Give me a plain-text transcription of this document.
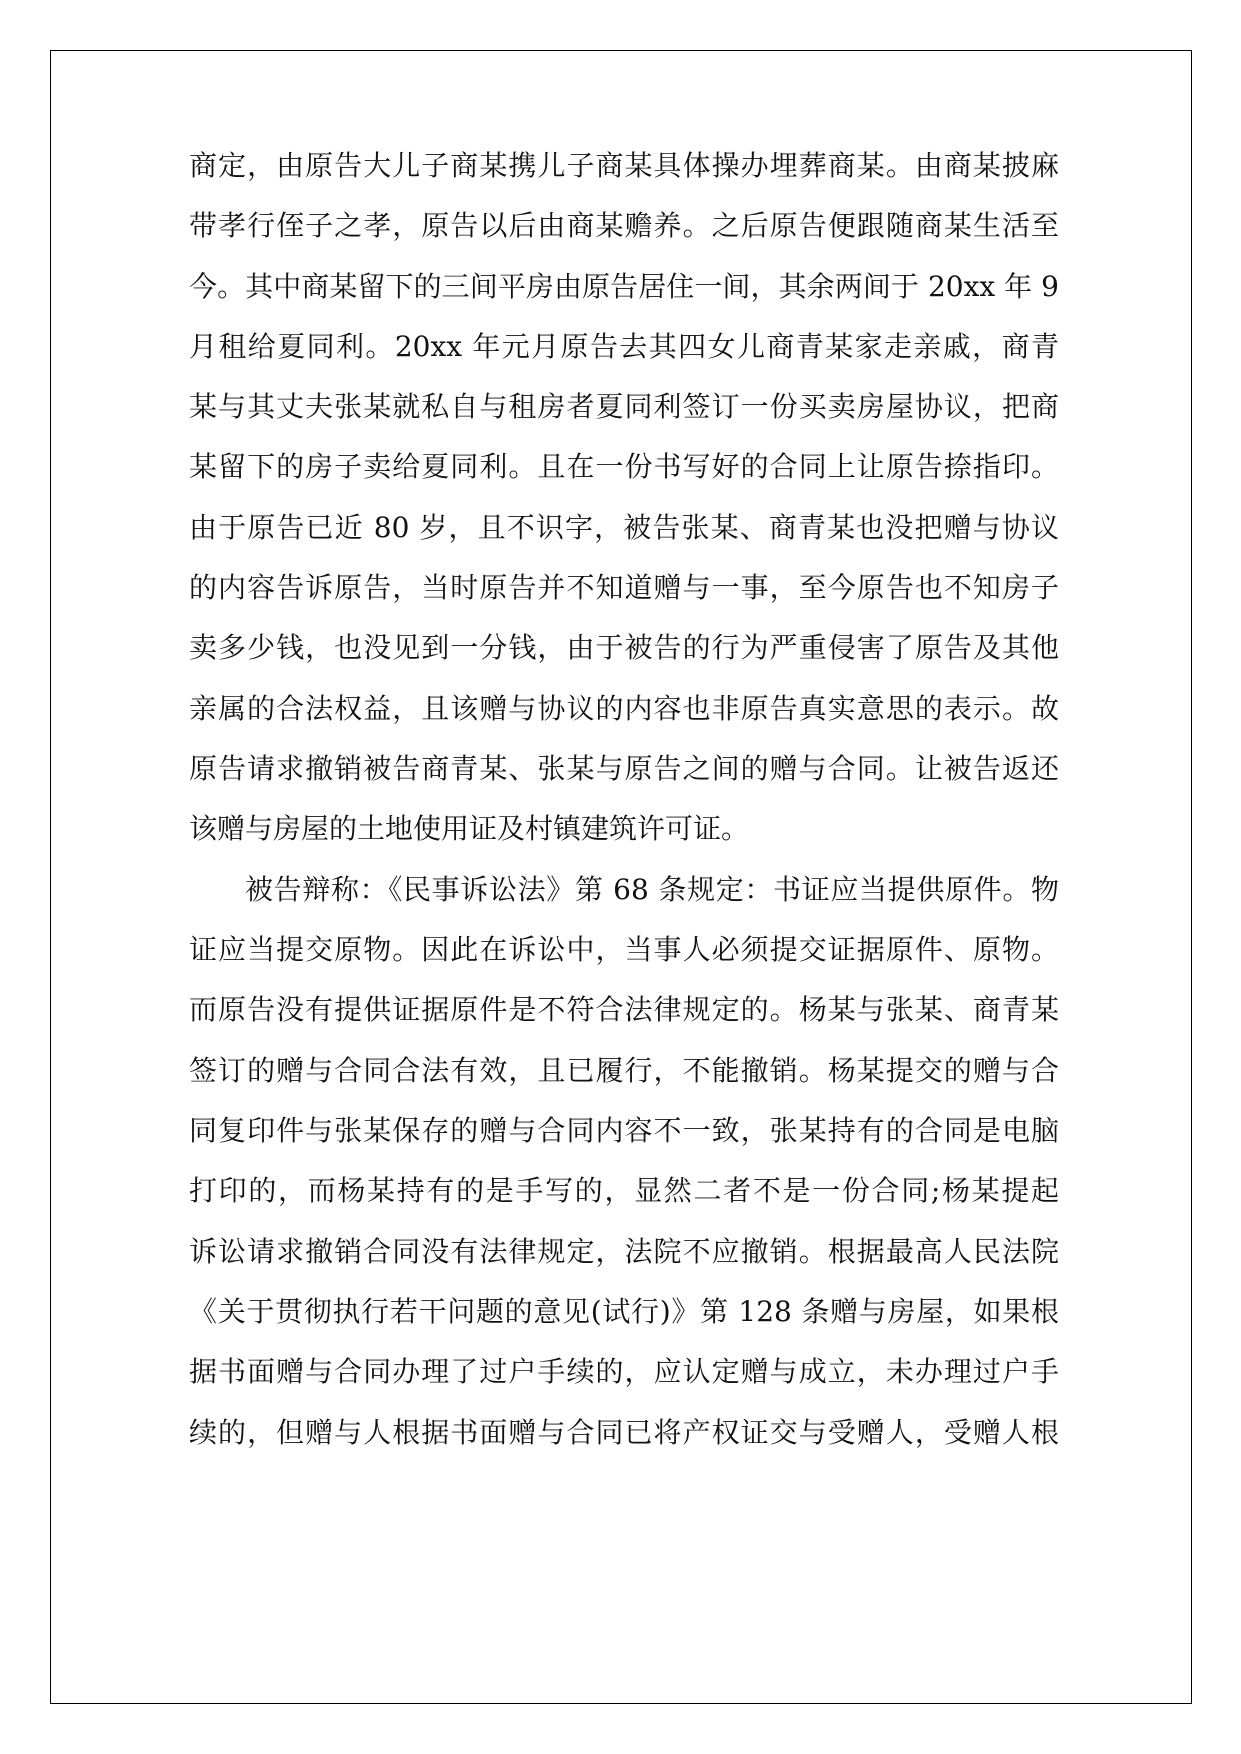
商定，由原告大儿子商某携儿子商某具体操办埋葬商某。由商某披麻

带孝行侄子之孝，原告以后由商某赡养。之后原告便跟随商某生活至

今。其中商某留下的三间平房由原告居住一间，其余两间于 20xx 年 9

月租给夏同利。20xx 年元月原告去其四女儿商青某家走亲戚，商青

某与其丈夫张某就私自与租房者夏同利签订一份买卖房屋协议，把商

某留下的房子卖给夏同利。且在一份书写好的合同上让原告捺指印。

由于原告已近 80 岁，且不识字，被告张某、商青某也没把赠与协议

的内容告诉原告，当时原告并不知道赠与一事，至今原告也不知房子

卖多少钱，也没见到一分钱，由于被告的行为严重侵害了原告及其他

亲属的合法权益，且该赠与协议的内容也非原告真实意思的表示。故

原告请求撤销被告商青某、张某与原告之间的赠与合同。让被告返还

该赠与房屋的土地使用证及村镇建筑许可证。

被告辩称：《民事诉讼法》第 68 条规定：书证应当提供原件。物

证应当提交原物。因此在诉讼中，当事人必须提交证据原件、原物。

而原告没有提供证据原件是不符合法律规定的。杨某与张某、商青某

签订的赠与合同合法有效，且已履行，不能撤销。杨某提交的赠与合

同复印件与张某保存的赠与合同内容不一致，张某持有的合同是电脑

打印的，而杨某持有的是手写的，显然二者不是一份合同;杨某提起

诉讼请求撤销合同没有法律规定，法院不应撤销。根据最高人民法院

《关于贯彻执行若干问题的意见(试行)》第 128 条赠与房屋，如果根

据书面赠与合同办理了过户手续的，应认定赠与成立，未办理过户手

续的，但赠与人根据书面赠与合同已将产权证交与受赠人，受赠人根
